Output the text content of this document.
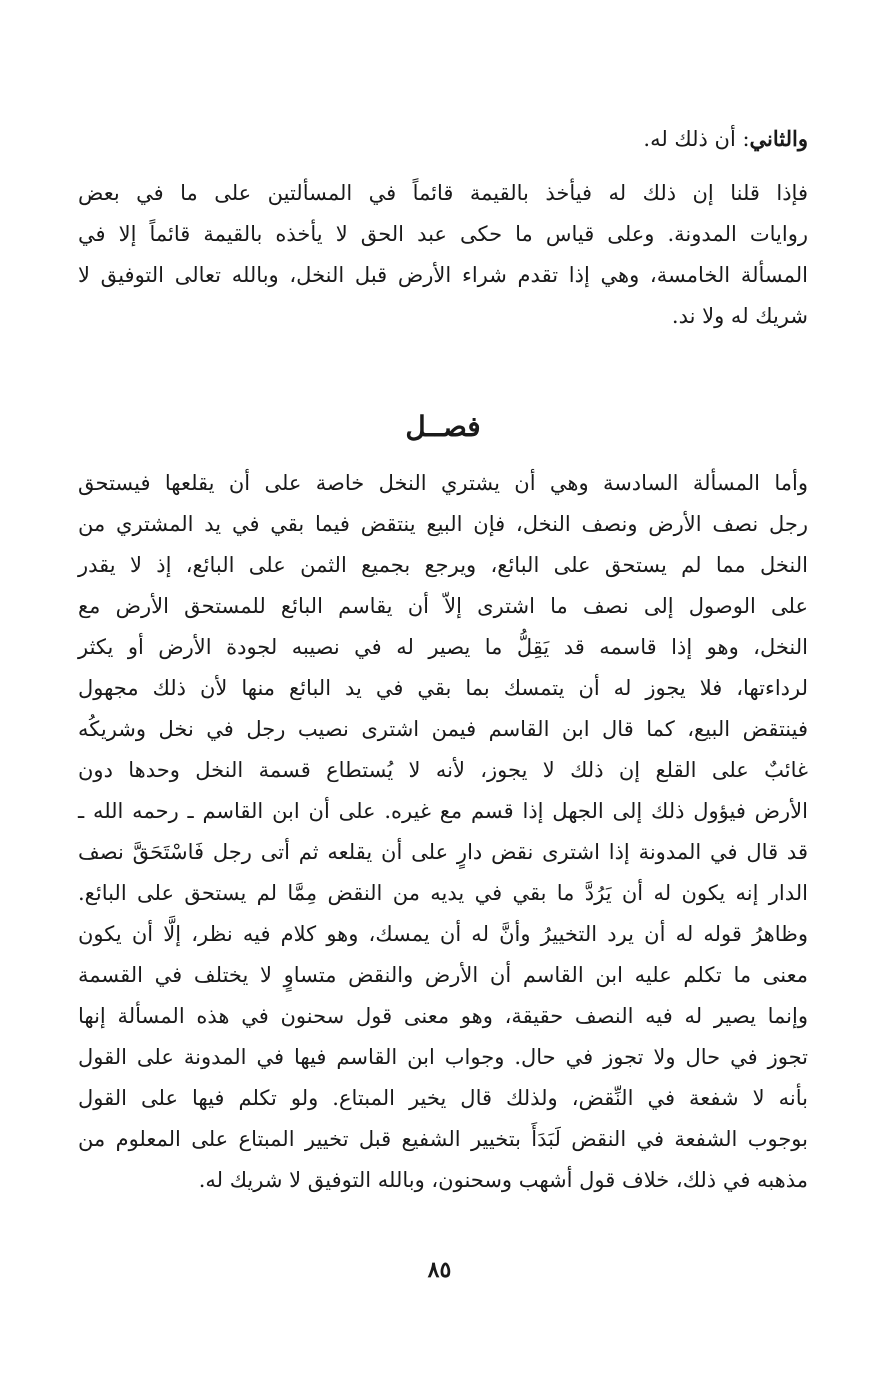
والثاني: أن ذلك له.
فإذا قلنا إن ذلك له فيأخذ بالقيمة قائماً في المسألتين على ما في بعض
روايات المدونة. وعلى قياس ما حكى عبد الحق لا يأخذه بالقيمة قائماً إلا في
المسألة الخامسة، وهي إذا تقدم شراء الأرض قبل النخل، وبالله تعالى التوفيق لا
شريك له ولا ند.
فصــل
وأما المسألة السادسة وهي أن يشتري النخل خاصة على أن يقلعها فيستحق
رجل نصف الأرض ونصف النخل، فإن البيع ينتقض فيما بقي في يد المشتري من
النخل مما لم يستحق على البائع، ويرجع بجميع الثمن على البائع، إذ لا يقدر
على الوصول إلى نصف ما اشترى إلاّ أن يقاسم البائع للمستحق الأرض مع
النخل، وهو إذا قاسمه قد يَقِلُّ ما يصير له في نصيبه لجودة الأرض أو يكثر
لرداءتها، فلا يجوز له أن يتمسك بما بقي في يد البائع منها لأن ذلك مجهول
فينتقض البيع، كما قال ابن القاسم فيمن اشترى نصيب رجل في نخل وشريكُه
غائبٌ على القلع إن ذلك لا يجوز، لأنه لا يُستطاع قسمة النخل وحدها دون
الأرض فيؤول ذلك إلى الجهل إذا قسم مع غيره. على أن ابن القاسم ـ رحمه الله ـ
قد قال في المدونة إذا اشترى نقض دارٍ على أن يقلعه ثم أتى رجل فَاسْتَحَقَّ نصف
الدار إنه يكون له أن يَرُدَّ ما بقي في يديه من النقض مِمَّا لم يستحق على البائع.
وظاهرُ قوله له أن يرد التخييرُ وأنَّ له أن يمسك، وهو كلام فيه نظر، إلَّا أن يكون
معنى ما تكلم عليه ابن القاسم أن الأرض والنقض متساوٍ لا يختلف في القسمة
وإنما يصير له فيه النصف حقيقة، وهو معنى قول سحنون في هذه المسألة إنها
تجوز في حال ولا تجوز في حال. وجواب ابن القاسم فيها في المدونة على القول
بأنه لا شفعة في النِّقض، ولذلك قال يخير المبتاع. ولو تكلم فيها على القول
بوجوب الشفعة في النقض لَبَدَأَ بتخيير الشفيع قبل تخيير المبتاع على المعلوم من
مذهبه في ذلك، خلاف قول أشهب وسحنون، وبالله التوفيق لا شريك له.
٨٥
